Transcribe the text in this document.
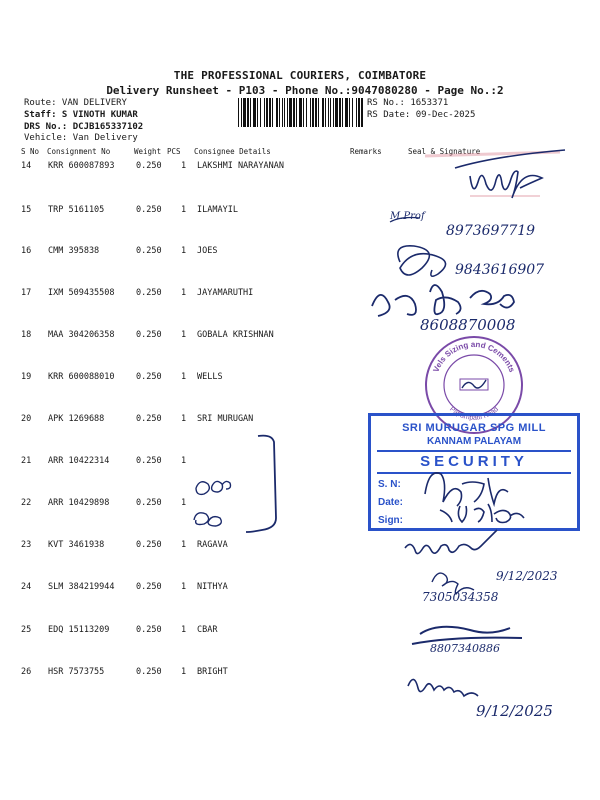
THE PROFESSIONAL COURIERS, COIMBATORE
Delivery Runsheet - P103 - Phone No.:9047080280 - Page No.:2
Route: VAN DELIVERY
Staff: S VINOTH KUMAR
DRS No.: DCJB165337102
Vehicle: Van Delivery
RS No.: 1653371
RS Date: 09-Dec-2025
S No Consignment No	Weight PCS Consignee Details	Remarks	Seal & Signature
14 KRR 600087893	0.250 1 LAKSHMI NARAYANAN
15 TRP 5161105	0.250 1 ILAMAYIL
16 CMM 395838	0.250 1 JOES
17 IXM 509435508	0.250 1 JAYAMARUTHI
18 MAA 304206358	0.250 1 GOBALA KRISHNAN
19 KRR 600088010	0.250 1 WELLS
20 APK 1269688	0.250 1 SRI MURUGAN
21 ARR 10422314	0.250 1
22 ARR 10429898	0.250 1
23 KVT 3461938	0.250 1 RAGAVA
24 SLM 384219944	0.250 1 NITHYA
25 EDQ 15113209	0.250 1 CBAR
26 HSR 7573755	0.250 1 BRIGHT
Vels Sizing and Cements
Papampatti Road
SRI MURUGAR SPG MILL
KANNAM PALAYAM
SECURITY
S. N:
Date:
Sign:
M.Prof
8973697719
9843616907
8608870008
9/12/2023
7305034358
8807340886
9/12/2025
